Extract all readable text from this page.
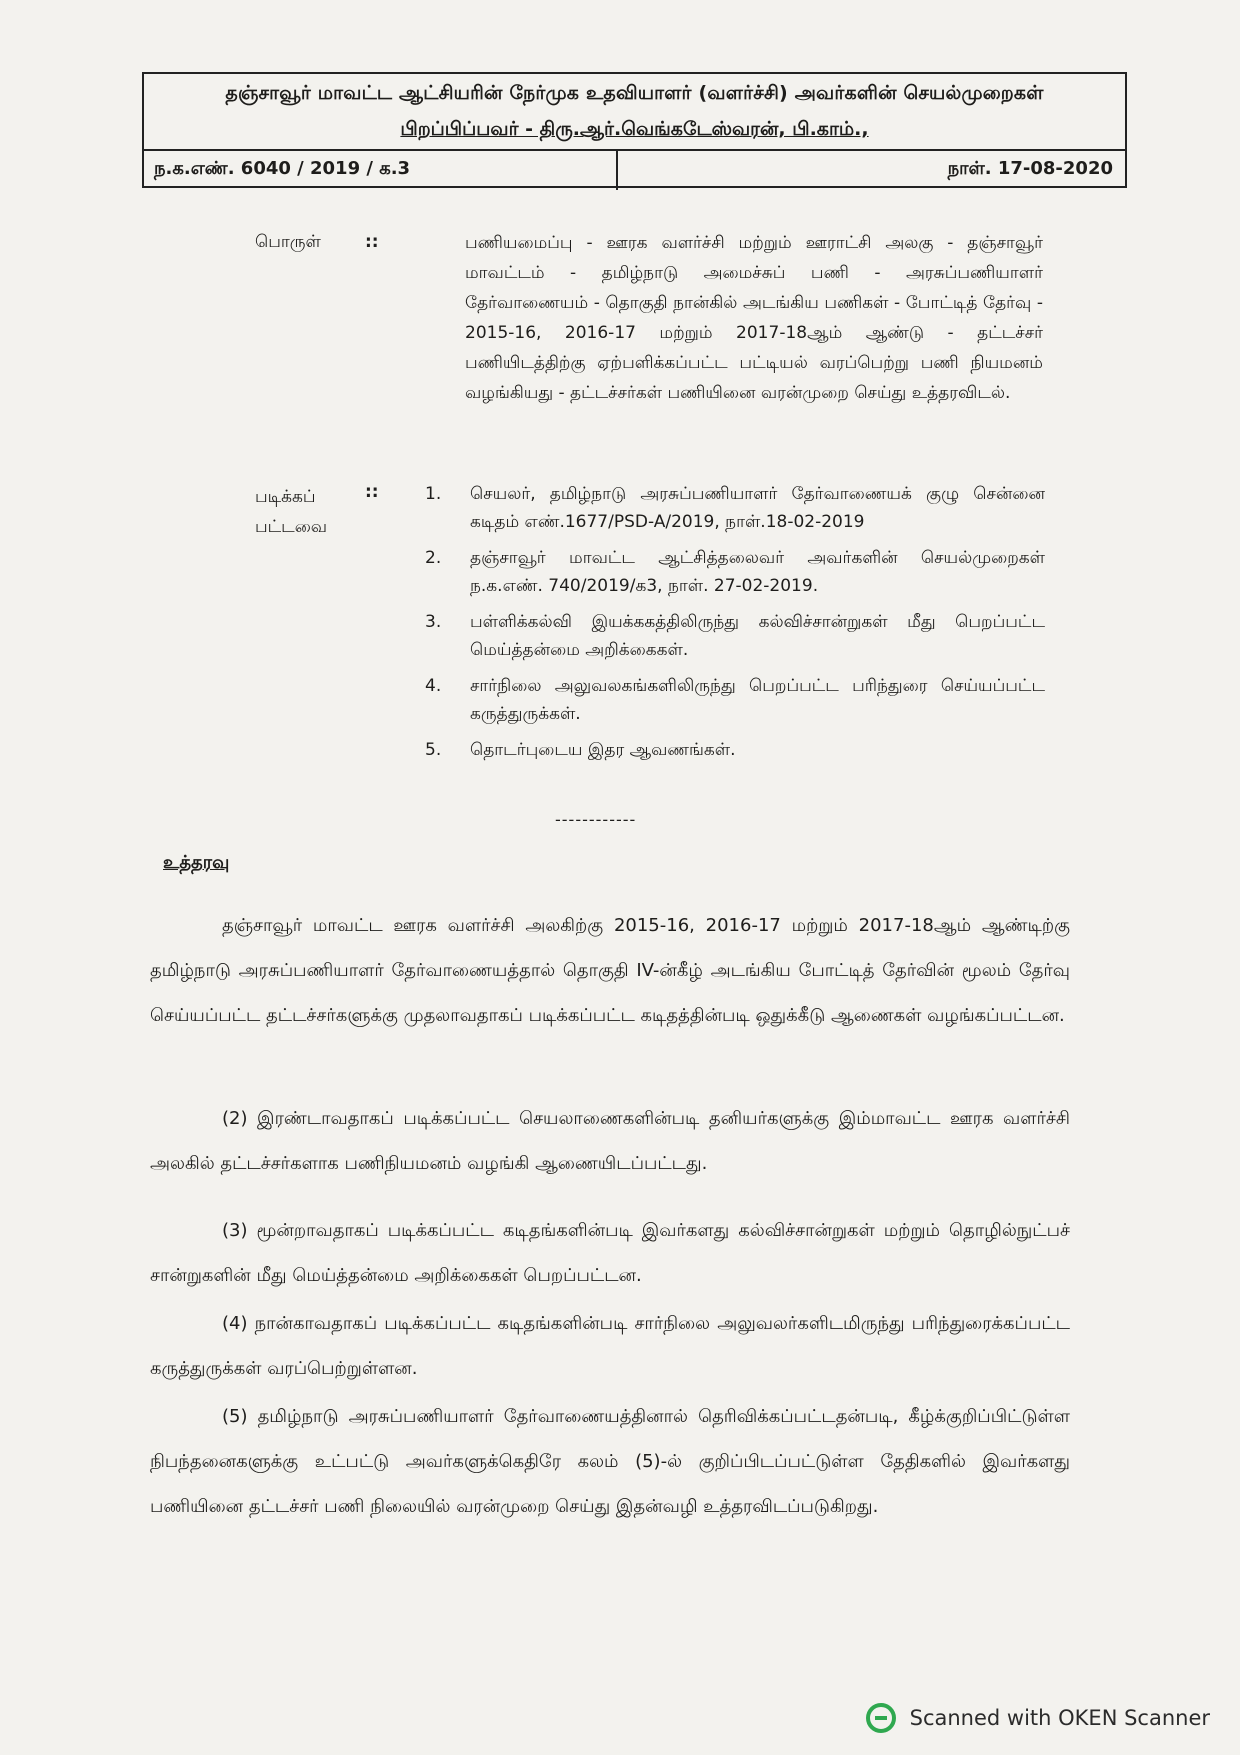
தஞ்சாவூர் மாவட்ட ஆட்சியரின் நேர்முக உதவியாளர் (வளர்ச்சி) அவர்களின் செயல்முறைகள்
பிறப்பிப்பவர் - திரு.ஆர்.வெங்கடேஸ்வரன், பி.காம்.,
ந.க.எண். 6040 / 2019 / க.3	நாள். 17-08-2020
பொருள்	::	பணியமைப்பு - ஊரக வளர்ச்சி மற்றும் ஊராட்சி அலகு - தஞ்சாவூர் மாவட்டம் - தமிழ்நாடு அமைச்சுப் பணி - அரசுப்பணியாளர் தேர்வாணையம் - தொகுதி நான்கில் அடங்கிய பணிகள் - போட்டித் தேர்வு - 2015-16, 2016-17 மற்றும் 2017-18ஆம் ஆண்டு - தட்டச்சர் பணியிடத்திற்கு ஏற்பளிக்கப்பட்ட பட்டியல் வரப்பெற்று பணி நியமனம் வழங்கியது - தட்டச்சர்கள் பணியினை வரன்முறை செய்து உத்தரவிடல்.
படிக்கப் பட்டவை
::	1.	செயலர், தமிழ்நாடு அரசுப்பணியாளர் தேர்வாணையக் குழு சென்னை கடிதம் எண்.1677/PSD-A/2019, நாள்.18-02-2019
2.	தஞ்சாவூர் மாவட்ட ஆட்சித்தலைவர் அவர்களின் செயல்முறைகள் ந.க.எண். 740/2019/க3, நாள். 27-02-2019.
3.	பள்ளிக்கல்வி இயக்ககத்திலிருந்து கல்விச்சான்றுகள் மீது பெறப்பட்ட மெய்த்தன்மை அறிக்கைகள்.
4.	சார்நிலை அலுவலகங்களிலிருந்து பெறப்பட்ட பரிந்துரை செய்யப்பட்ட கருத்துருக்கள்.
5.	தொடர்புடைய இதர ஆவணங்கள்.
------------
உத்தரவு

தஞ்சாவூர் மாவட்ட ஊரக வளர்ச்சி அலகிற்கு 2015-16, 2016-17 மற்றும் 2017-18ஆம் ஆண்டிற்கு தமிழ்நாடு அரசுப்பணியாளர் தேர்வாணையத்தால் தொகுதி IV-ன்கீழ் அடங்கிய போட்டித் தேர்வின் மூலம் தேர்வு செய்யப்பட்ட தட்டச்சர்களுக்கு முதலாவதாகப் படிக்கப்பட்ட கடிதத்தின்படி ஒதுக்கீடு ஆணைகள் வழங்கப்பட்டன.

(2) இரண்டாவதாகப் படிக்கப்பட்ட செயலாணைகளின்படி தனியர்களுக்கு இம்மாவட்ட ஊரக வளர்ச்சி அலகில் தட்டச்சர்களாக பணிநியமனம் வழங்கி ஆணையிடப்பட்டது.

(3) மூன்றாவதாகப் படிக்கப்பட்ட கடிதங்களின்படி இவர்களது கல்விச்சான்றுகள் மற்றும் தொழில்நுட்பச் சான்றுகளின் மீது மெய்த்தன்மை அறிக்கைகள் பெறப்பட்டன.

(4) நான்காவதாகப் படிக்கப்பட்ட கடிதங்களின்படி சார்நிலை அலுவலர்களிடமிருந்து பரிந்துரைக்கப்பட்ட கருத்துருக்கள் வரப்பெற்றுள்ளன.

(5) தமிழ்நாடு அரசுப்பணியாளர் தேர்வாணையத்தினால் தெரிவிக்கப்பட்டதன்படி, கீழ்க்குறிப்பிட்டுள்ள நிபந்தனைகளுக்கு உட்பட்டு அவர்களுக்கெதிரே கலம் (5)-ல் குறிப்பிடப்பட்டுள்ள தேதிகளில் இவர்களது பணியினை தட்டச்சர் பணி நிலையில் வரன்முறை செய்து இதன்வழி உத்தரவிடப்படுகிறது.

Scanned with OKEN Scanner
